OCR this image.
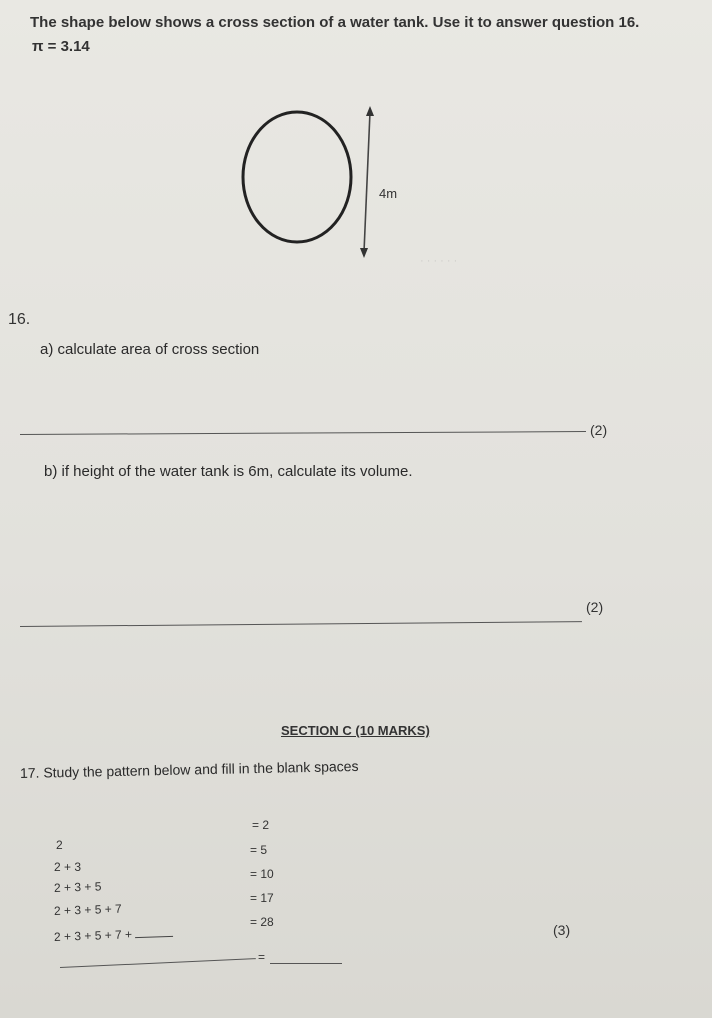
· · · · · ·
The shape below shows a cross section of a water tank. Use it to answer question 16.
π = 3.14
4m
16.
a) calculate area of cross section
(2)
b) if height of the water tank is 6m, calculate its volume.
(2)
SECTION C (10 MARKS)
17. Study the pattern below and fill in the blank spaces
= 2
= 5
= 10
= 17
= 28
2
2 + 3
2 + 3 + 5
2 + 3 + 5 + 7
2 + 3 + 5 + 7 +
=
(3)
